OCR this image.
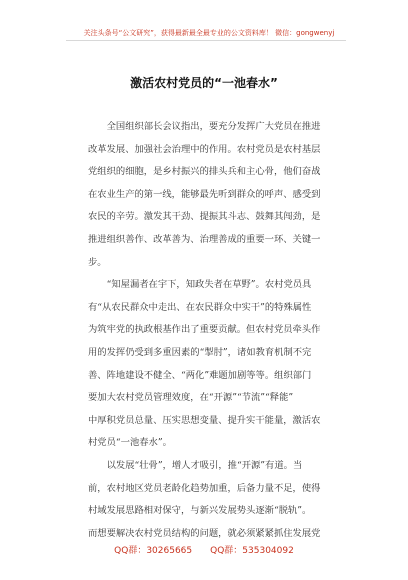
关注头条号“公文研究”，获得最新最全最专业的公文资料库！ 微信：gongwenyj
激活农村党员的“一池春水”
　　全国组织部长会议指出，要充分发挥广大党员在推进
改革发展、加强社会治理中的作用。农村党员是农村基层
党组织的细胞，是乡村振兴的排头兵和主心骨，他们奋战
在农业生产的第一线，能够最先听到群众的呼声、感受到
农民的辛劳。激发其干劲、提振其斗志、鼓舞其闯劲，是
推进组织善作、改革善为、治理善成的重要一环、关键一
步。
　　“知屋漏者在宇下，知政失者在草野”。农村党员具
有“从农民群众中走出、在农民群众中实干”的特殊属性
为筑牢党的执政根基作出了重要贡献。但农村党员牵头作
用的发挥仍受到多重因素的“掣肘”，诸如教育机制不完
善、阵地建设不健全、“两化”难题加剧等等。组织部门
要加大农村党员管理效度，在“开源”“节流”“释能”
中厚积党员总量、压实思想变量、提升实干能量，激活农
村党员“一池春水”。
　　以发展“壮骨”，增人才吸引，推“开源”有道。当
前，农村地区党员老龄化趋势加重，后备力量不足，使得
村域发展思路相对保守，与新兴发展势头逐渐“脱轨”。
而想要解决农村党员结构的问题，就必须紧紧抓住发展党
QQ群：30265665　　QQ群：535304092
